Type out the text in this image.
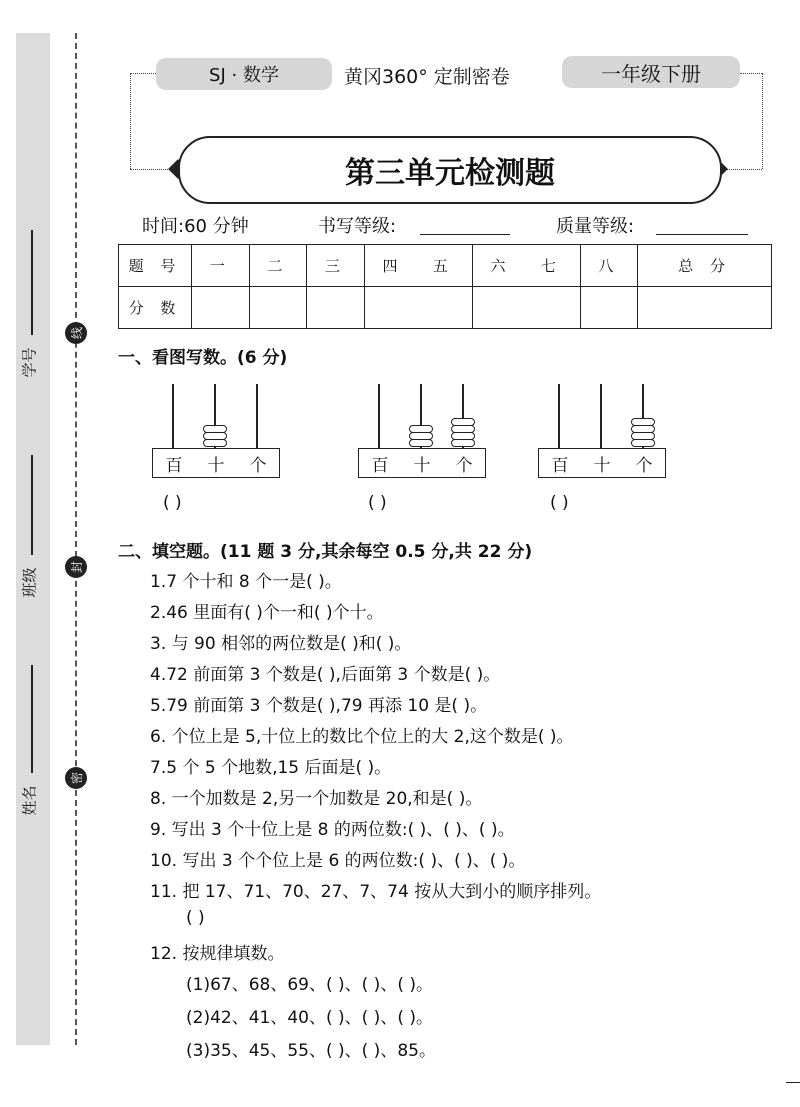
学号
班级
姓名
线
封
密
SJ · 数学	黄冈360° 定制密卷	一年级下册
第三单元检测题
时间:60 分钟	书写等级:	质量等级:
题 号	一	二	三	四 五	六 七	八	总 分
分 数							
一、看图写数。(6 分)
百 十 个	百 十 个	百 十 个
( )	( )	( )
二、填空题。(11 题 3 分,其余每空 0.5 分,共 22 分)
1.7 个十和 8 个一是( )。
2.46 里面有( )个一和( )个十。
3. 与 90 相邻的两位数是( )和( )。
4.72 前面第 3 个数是( ),后面第 3 个数是( )。
5.79 前面第 3 个数是( ),79 再添 10 是( )。
6. 个位上是 5,十位上的数比个位上的大 2,这个数是( )。
7.5 个 5 个地数,15 后面是( )。
8. 一个加数是 2,另一个加数是 20,和是( )。
9. 写出 3 个十位上是 8 的两位数:( )、( )、( )。
10. 写出 3 个个位上是 6 的两位数:( )、( )、( )。
11. 把 17、71、70、27、7、74 按从大到小的顺序排列。
( )
12. 按规律填数。
(1)67、68、69、( )、( )、( )。
(2)42、41、40、( )、( )、( )。
(3)35、45、55、( )、( )、85。
